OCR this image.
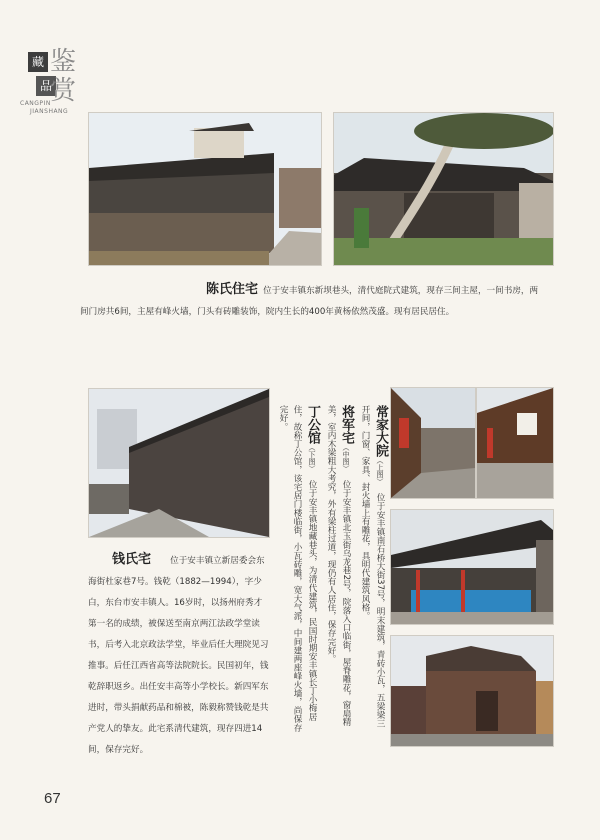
藏
品
鉴赏
CANGPIN
JIANSHANG
陈氏住宅 位于安丰镇东新坝巷头，清代庭院式建筑，现存三间主屋，一间书房，两间门房共6间，主屋有峰火墙，门头有砖雕装饰，院内生长的400年黄杨依然茂盛。现有居民居住。
钱氏宅 位于安丰镇立新居委会东海街杜家巷7号。钱乾（1882—1994），字少白，东台市安丰镇人。16岁时，以扬州府秀才第一名的成绩，被保送至南京两江法政学堂读书，后考入北京政法学堂，毕业后任大理院见习推事。后任江西省高等法院院长。民国初年，钱乾辞职返乡。出任安丰高等小学校长。新四军东进时，带头捐献药品和棉被，陈毅称赞钱乾是共产党人的挚友。此宅系清代建筑，现存四进14间，保存完好。
常家大院（上图）位于安丰镇南石桥大街37号，明末建筑，青砖小瓦，五梁梁三开间，门窗、家具、封火墙上有雕花，具明代建筑风格。
将军宅（中图）位于安丰镇北玉街乌龙巷2号，院落入口临街，屋脊雕花，窗扇精美，室内木梁粗大考究，外有梁柱过道，现仍有人居住，保存完好。
丁公馆（下图）位于安丰镇地藏巷头，为清代建筑，民国时期安丰镇长丁小梅居住，故称丁公馆，该宅居门楼临街，小瓦砖雕，宽大气派，中间建两座峰火墙，尚保存完好。
67
